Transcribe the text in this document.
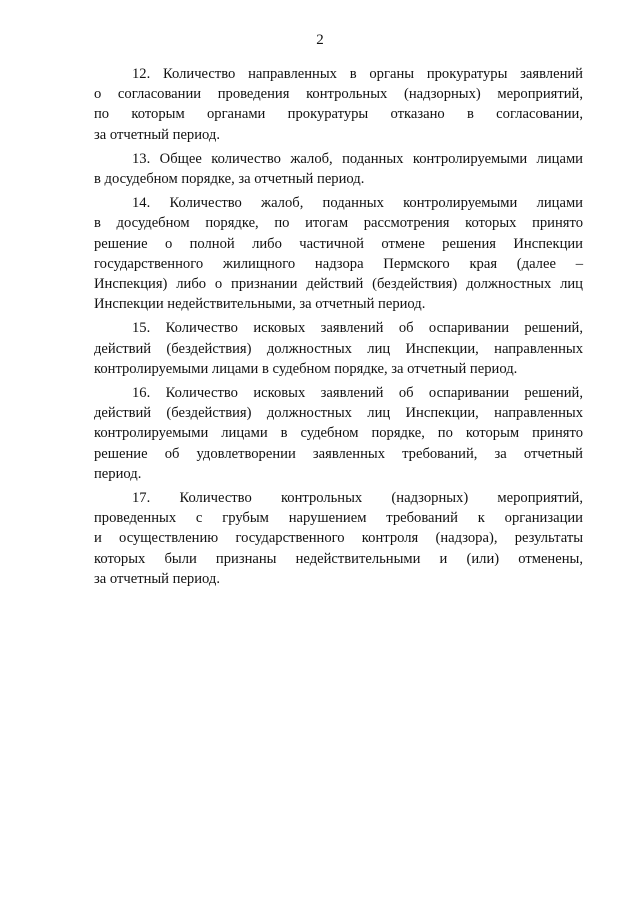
2

12. Количество направленных в органы прокуратуры заявлений
о согласовании проведения контрольных (надзорных) мероприятий,
по которым органами прокуратуры отказано в согласовании,
за отчетный период.

13. Общее количество жалоб, поданных контролируемыми лицами
в досудебном порядке, за отчетный период.

14. Количество жалоб, поданных контролируемыми лицами
в досудебном порядке, по итогам рассмотрения которых принято
решение о полной либо частичной отмене решения Инспекции
государственного жилищного надзора Пермского края (далее –
Инспекция) либо о признании действий (бездействия) должностных лиц
Инспекции недействительными, за отчетный период.

15. Количество исковых заявлений об оспаривании решений,
действий (бездействия) должностных лиц Инспекции, направленных
контролируемыми лицами в судебном порядке, за отчетный период.

16. Количество исковых заявлений об оспаривании решений,
действий (бездействия) должностных лиц Инспекции, направленных
контролируемыми лицами в судебном порядке, по которым принято
решение об удовлетворении заявленных требований, за отчетный
период.

17. Количество контрольных (надзорных) мероприятий,
проведенных с грубым нарушением требований к организации
и осуществлению государственного контроля (надзора), результаты
которых были признаны недействительными и (или) отменены,
за отчетный период.
